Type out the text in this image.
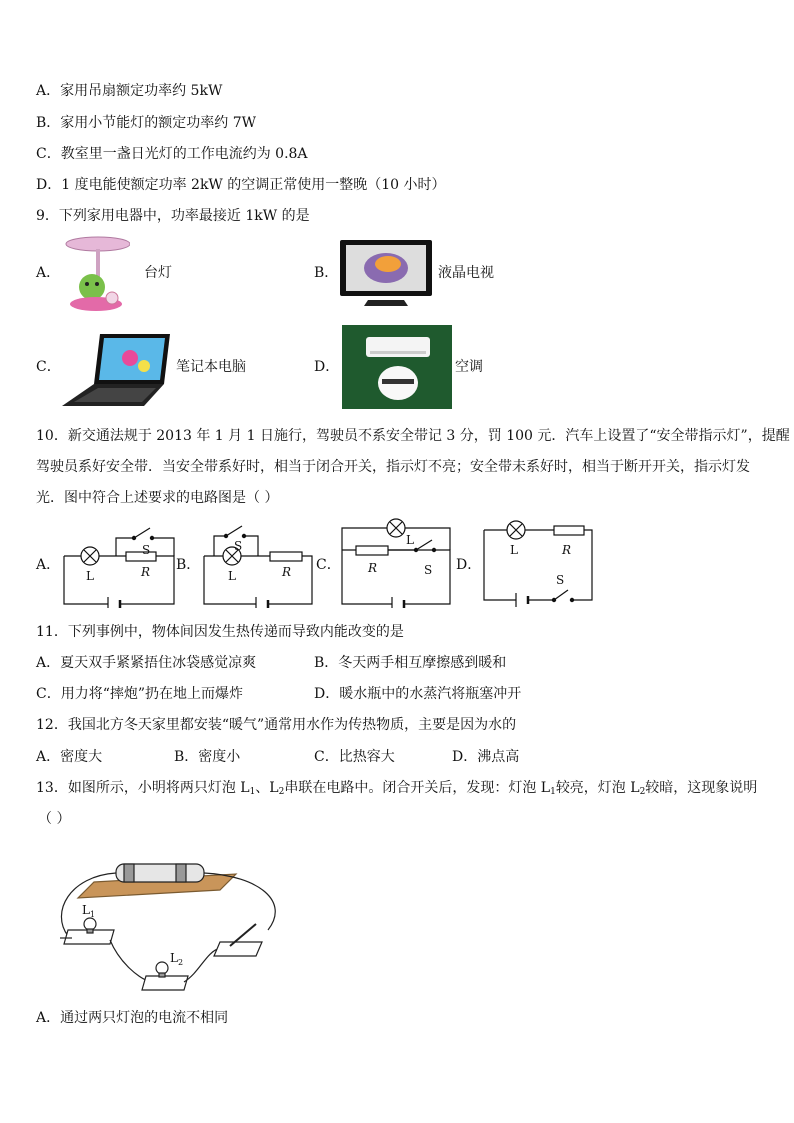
A．家用吊扇额定功率约 5kW
B．家用小节能灯的额定功率约 7W
C．教室里一盏日光灯的工作电流约为 0.8A
D．1 度电能使额定功率 2kW 的空调正常使用一整晚（10 小时）
9．下列家用电器中，功率最接近 1kW 的是
A．	台灯	B．	液晶电视
C．	笔记本电脑	D．	空调
10．新交通法规于 2013 年 1 月 1 日施行，驾驶员不系安全带记 3 分，罚 100 元．汽车上设置了“安全带指示灯”，提醒
驾驶员系好安全带．当安全带系好时，相当于闭合开关，指示灯不亮；安全带未系好时，相当于断开开关，指示灯发
光．图中符合上述要求的电路图是（ ）
A．
S
L	R B．
S
L	R C．
L
R	S D．
L	R
S
11．下列事例中，物体间因发生热传递而导致内能改变的是
A．夏天双手紧紧捂住冰袋感觉凉爽	B．冬天两手相互摩擦感到暖和
C．用力将“摔炮”扔在地上而爆炸	D．暖水瓶中的水蒸汽将瓶塞冲开
12．我国北方冬天家里都安装“暖气”通常用水作为传热物质，主要是因为水的
A．密度大	B．密度小	C．比热容大	D．沸点高
13．如图所示，小明将两只灯泡 $L_1$、$L_2$串联在电路中。闭合开关后，发现：灯泡 $L_1$较亮，灯泡 $L_2$较暗，这现象说明
（ ）
$L_1$
$L_2$
A．通过两只灯泡的电流不相同
